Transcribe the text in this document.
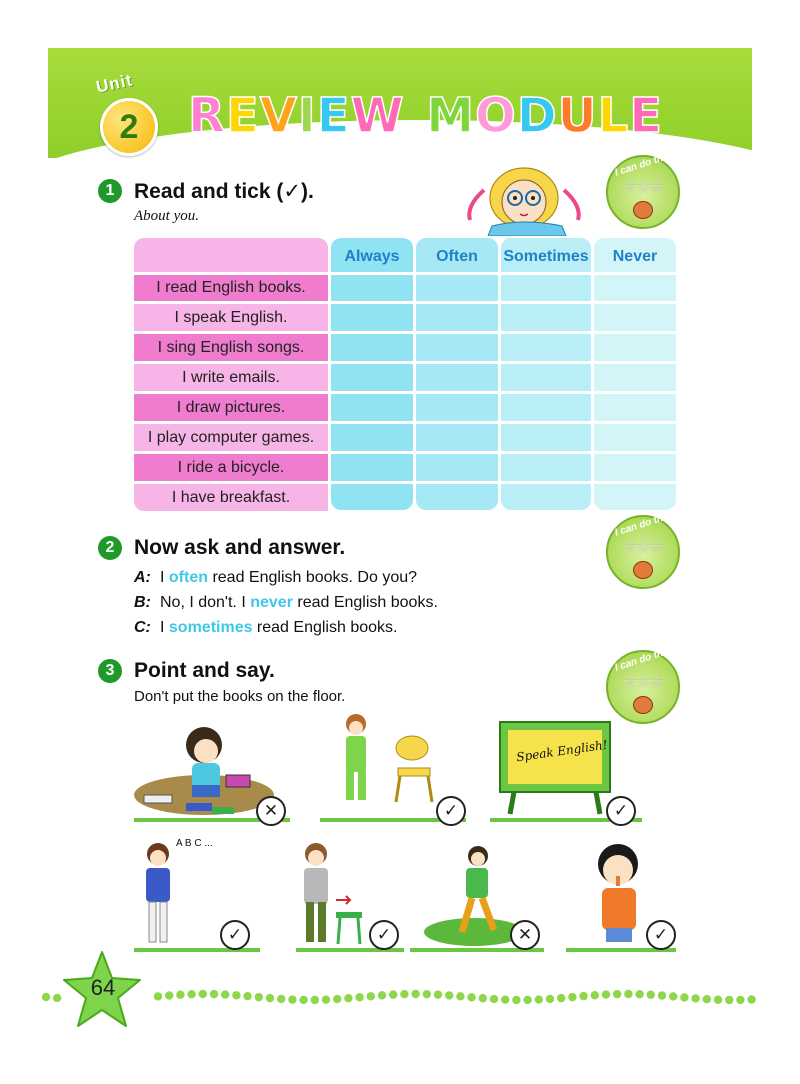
Unit
2	REVIEW MODULE
1 Read and tick (✓).
About you.
I can do this
☆☆☆
Always	Often	Sometimes	Never
I read English books.
I speak English.
I sing English songs.
I write emails.
I draw pictures.
I play computer games.
I ride a bicycle.
I have breakfast.
2 Now ask and answer.
I can do this
☆☆☆
A: I often read English books. Do you?
B: No, I don't. I never read English books.
C: I sometimes read English books.
3 Point and say.
Don't put the books on the floor.
I can do this
☆☆☆
Speak English!
✕	✓	✓
A B C ...
✓	✓	✕	✓
64
